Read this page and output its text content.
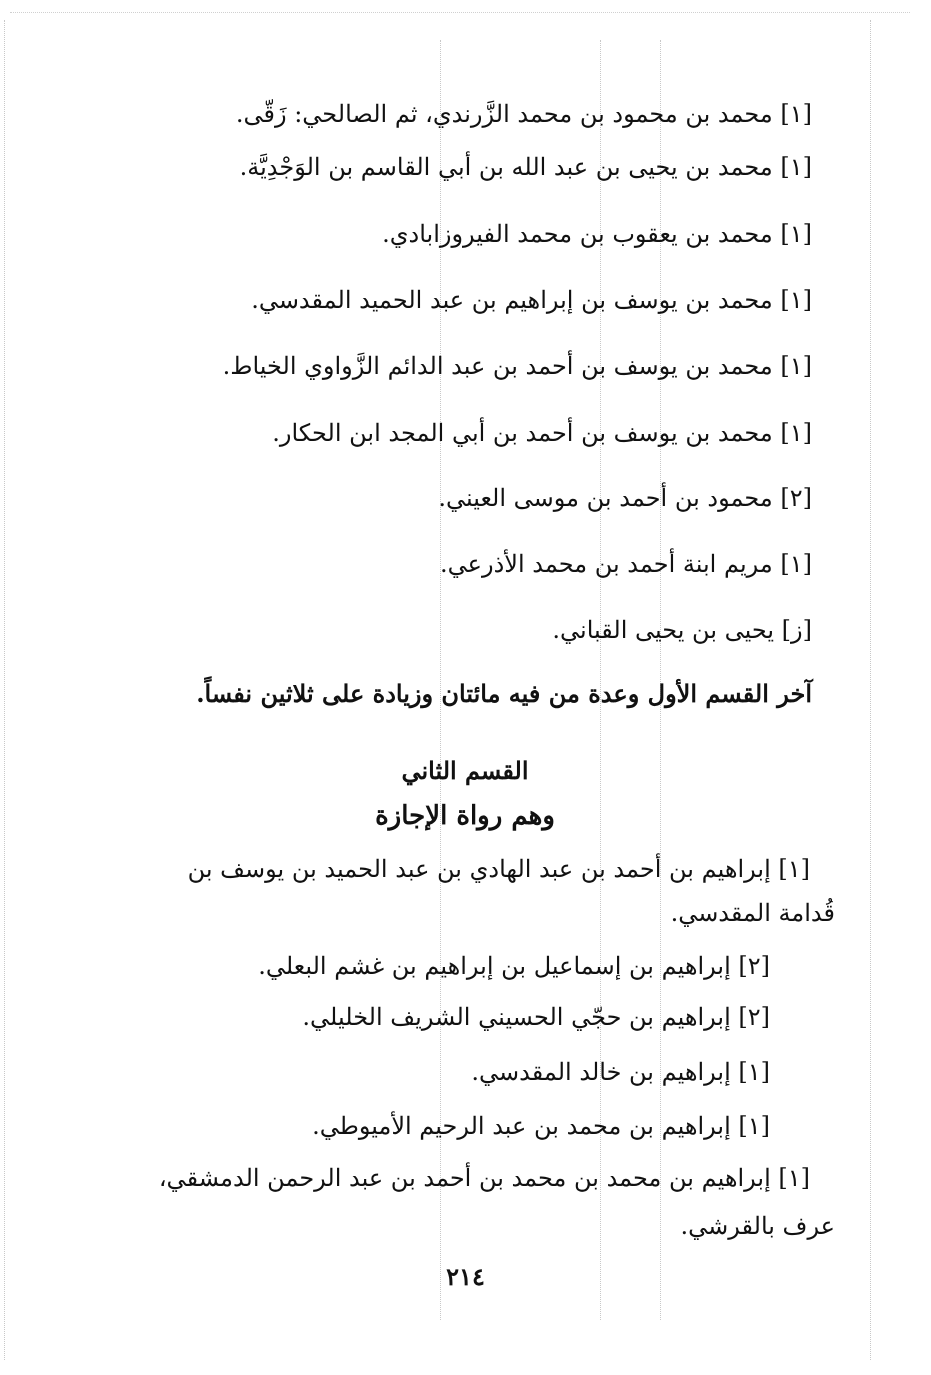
[١] محمد بن محمود بن محمد الزَّرندي، ثم الصالحي: زَقّى.
[١] محمد بن يحيى بن عبد الله بن أبي القاسم بن الوَجْدِيَّة.
[١] محمد بن يعقوب بن محمد الفيروزابادي.
[١] محمد بن يوسف بن إبراهيم بن عبد الحميد المقدسي.
[١] محمد بن يوسف بن أحمد بن عبد الدائم الزَّواوي الخياط.
[١] محمد بن يوسف بن أحمد بن أبي المجد ابن الحكار.
[٢] محمود بن أحمد بن موسى العيني.
[١] مريم ابنة أحمد بن محمد الأذرعي.
[ز] يحيى بن يحيى القباني.
آخر القسم الأول وعدة من فيه مائتان وزيادة على ثلاثين نفساً.
القسم الثاني
وهم رواة الإجازة
[١] إبراهيم بن أحمد بن عبد الهادي بن عبد الحميد بن يوسف بن
قُدامة المقدسي.
[٢] إبراهيم بن إسماعيل بن إبراهيم بن غشم البعلي.
[٢] إبراهيم بن حجّي الحسيني الشريف الخليلي.
[١] إبراهيم بن خالد المقدسي.
[١] إبراهيم بن محمد بن عبد الرحيم الأميوطي.
[١] إبراهيم بن محمد بن محمد بن أحمد بن عبد الرحمن الدمشقي،
عرف بالقرشي.
٢١٤
